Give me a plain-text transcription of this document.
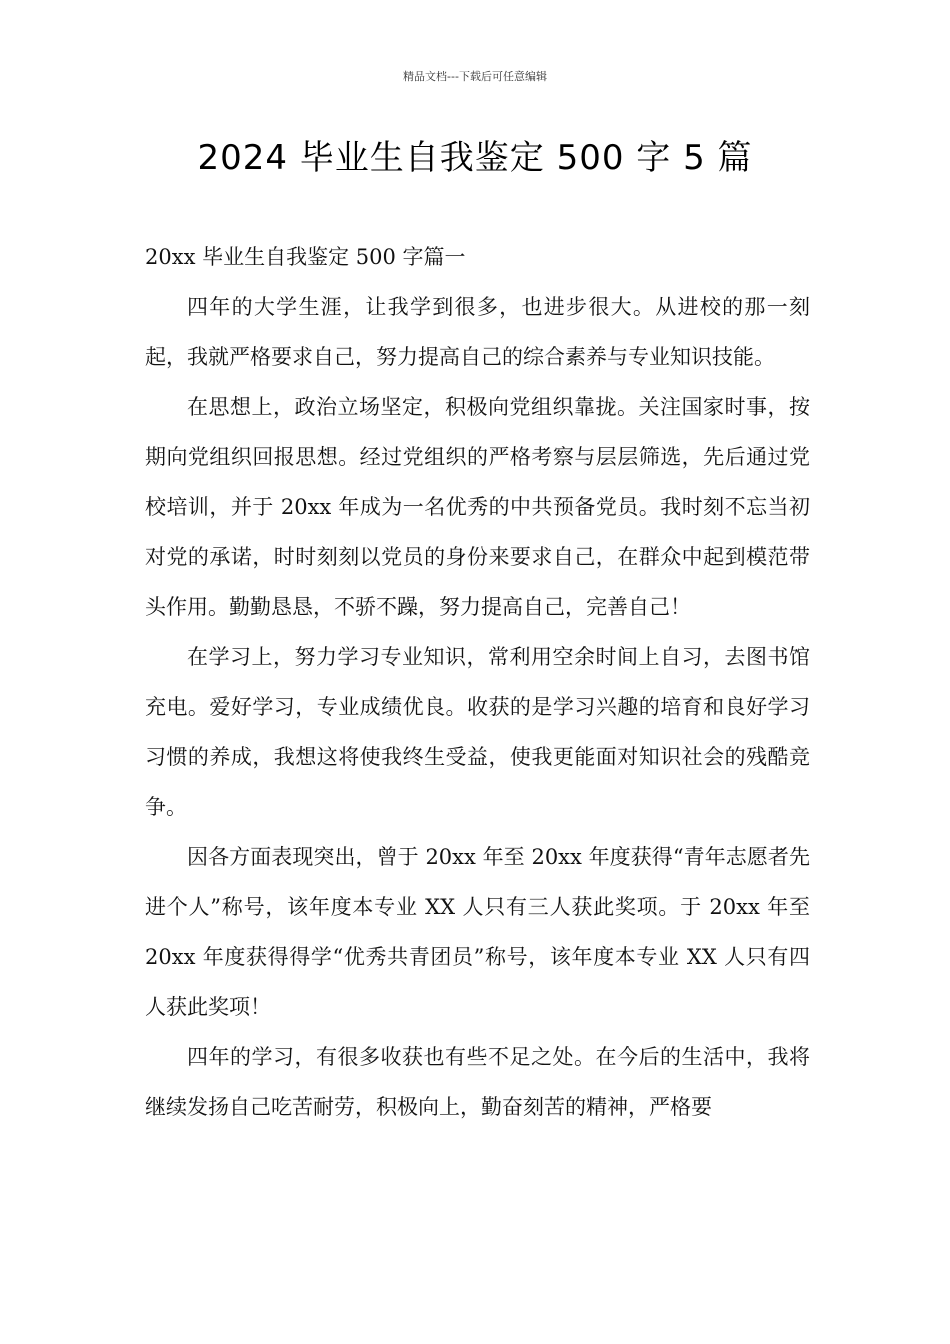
精品文档---下载后可任意编辑
2024 毕业生自我鉴定 500 字 5 篇

20xx 毕业生自我鉴定 500 字篇一

四年的大学生涯，让我学到很多，也进步很大。从进校的那一刻起，我就严格要求自己，努力提高自己的综合素养与专业知识技能。

在思想上，政治立场坚定，积极向党组织靠拢。关注国家时事，按期向党组织回报思想。经过党组织的严格考察与层层筛选，先后通过党校培训，并于 20xx 年成为一名优秀的中共预备党员。我时刻不忘当初对党的承诺，时时刻刻以党员的身份来要求自己，在群众中起到模范带头作用。勤勤恳恳，不骄不躁，努力提高自己，完善自己！

在学习上，努力学习专业知识，常利用空余时间上自习，去图书馆充电。爱好学习，专业成绩优良。收获的是学习兴趣的培育和良好学习习惯的养成，我想这将使我终生受益，使我更能面对知识社会的残酷竞争。

因各方面表现突出，曾于 20xx 年至 20xx 年度获得“青年志愿者先进个人”称号，该年度本专业 XX 人只有三人获此奖项。于 20xx 年至 20xx 年度获得得学“优秀共青团员”称号，该年度本专业 XX 人只有四人获此奖项！

四年的学习，有很多收获也有些不足之处。在今后的生活中，我将继续发扬自己吃苦耐劳，积极向上，勤奋刻苦的精神，严格要
